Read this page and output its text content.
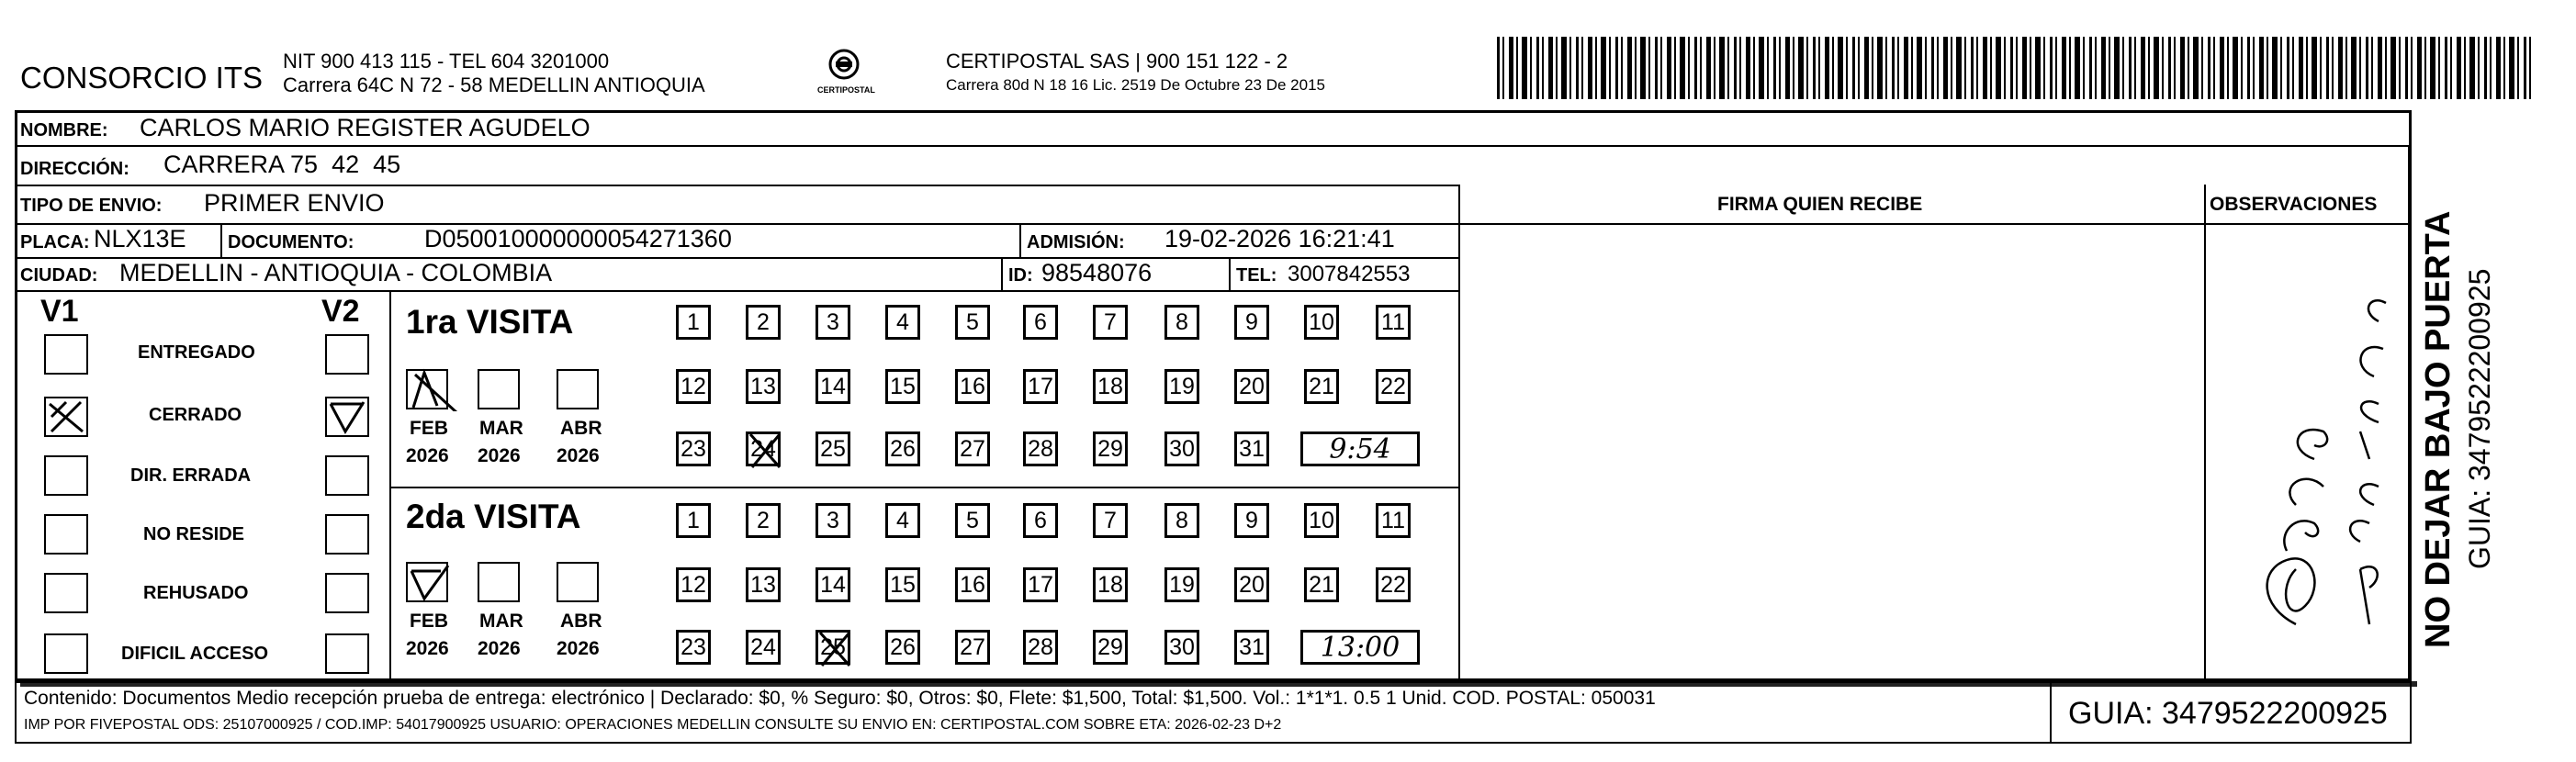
CONSORCIO ITS NIT 900 413 115 - TEL 604 3201000
Carrera 64C N 72 - 58 MEDELLIN ANTIOQUIA	CERTIPOSTAL
CERTIPOSTAL SAS | 900 151 122 - 2
Carrera 80d N 18 16 Lic. 2519 De Octubre 23 De 2015
NOMBRE: CARLOS MARIO REGISTER AGUDELO
DIRECCIÓN: CARRERA 75  42  45
TIPO DE ENVIO: PRIMER ENVIO
PLACA: NLX13E DOCUMENTO:	D050010000000054271360	ADMISIÓN: 19-02-2026 16:21:41
CIUDAD: MEDELLIN - ANTIOQUIA - COLOMBIA	ID: 98548076	TEL: 3007842553
FIRMA QUIEN RECIBE	OBSERVACIONES
V1	V2
ENTREGADO
CERRADO
DIR. ERRADA
NO RESIDE
REHUSADO
DIFICIL ACCESO
1ra VISITA
FEB MAR ABR
2026 2026 2026
2da VISITA
FEB MAR ABR
2026 2026 2026
1	2	3	4	5	6	7	8	9	10 11
12 13 14 15 16 17 18 19 20 21 22
23 24 25 26 27 28 29 30 31	9:54
1	2	3	4	5	6	7	8	9	10 11
12 13 14 15 16 17 18 19 20 21 22
23 24 25 26 27 28 29 30 31	13:00	NO DEJAR BAJO PUERTA GUIA: 3479522200925
Contenido: Documentos Medio recepción prueba de entrega: electrónico | Declarado: $0, % Seguro: $0, Otros: $0, Flete: $1,500, Total: $1,500. Vol.: 1*1*1. 0.5 1 Unid. COD. POSTAL: 050031
IMP POR FIVEPOSTAL ODS: 25107000925 / COD.IMP: 54017900925 USUARIO: OPERACIONES MEDELLIN CONSULTE SU ENVIO EN: CERTIPOSTAL.COM SOBRE ETA: 2026-02-23 D+2	GUIA: 3479522200925
